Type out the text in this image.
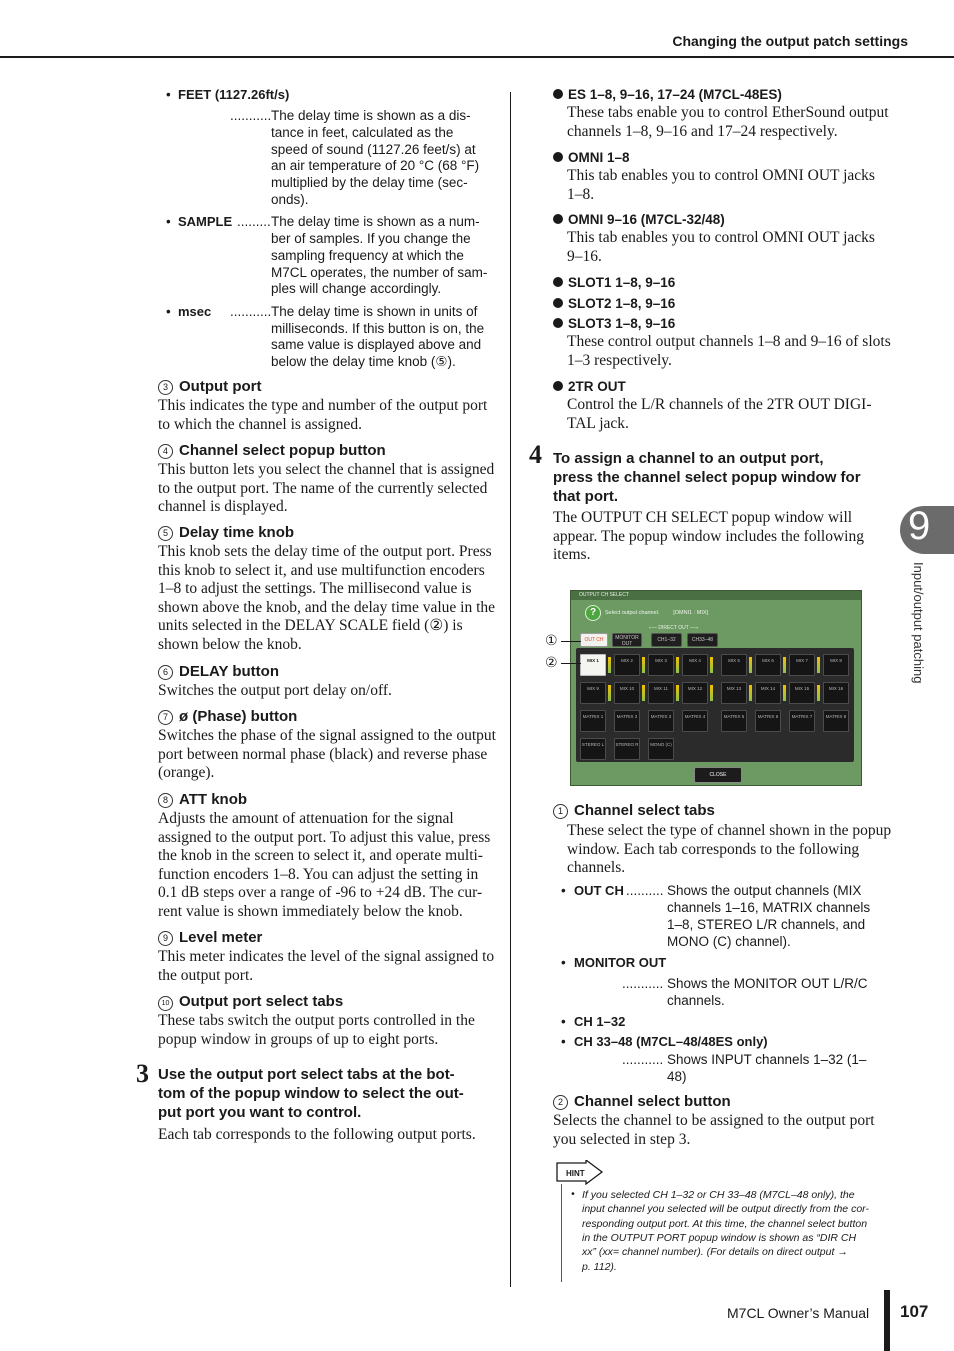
Changing the output patch settings
9
Input/output patching
• FEET (1127.26ft/s)
........... The delay time is shown as a dis-
tance in feet, calculated as the
speed of sound (1127.26 feet/s) at
an air temperature of 20 °C (68 °F)
multiplied by the delay time (sec-
onds).
• SAMPLE ......... The delay time is shown as a num-
ber of samples. If you change the
sampling frequency at which the
M7CL operates, the number of sam-
ples will change accordingly.
• msec ........... The delay time is shown in units of
milliseconds. If this button is on, the
same value is displayed above and
below the delay time knob (⑤).
3 Output port
This indicates the type and number of the output port
to which the channel is assigned.
4 Channel select popup button
This button lets you select the channel that is assigned
to the output port. The name of the currently selected
channel is displayed.
5 Delay time knob
This knob sets the delay time of the output port. Press
this knob to select it, and use multifunction encoders
1–8 to adjust the settings. The millisecond value is
shown above the knob, and the delay time value in the
units selected in the DELAY SCALE field (②) is
shown below the knob.
6 DELAY button
Switches the output port delay on/off.
7 ø (Phase) button
Switches the phase of the signal assigned to the output
port between normal phase (black) and reverse phase
(orange).
8 ATT knob
Adjusts the amount of attenuation for the signal
assigned to the output port. To adjust this value, press
the knob in the screen to select it, and operate multi-
function encoders 1–8. You can adjust the setting in
0.1 dB steps over a range of -96 to +24 dB. The cur-
rent value is shown immediately below the knob.
9 Level meter
This meter indicates the level of the signal assigned to
the output port.
10 Output port select tabs
These tabs switch the output ports controlled in the
popup window in groups of up to eight ports.
3 Use the output port select tabs at the bot-
tom of the popup window to select the out-
put port you want to control.
Each tab corresponds to the following output ports.
ES 1–8, 9–16, 17–24 (M7CL-48ES)
These tabs enable you to control EtherSound output
channels 1–8, 9–16 and 17–24 respectively.
OMNI 1–8
This tab enables you to control OMNI OUT jacks
1–8.
OMNI 9–16 (M7CL-32/48)
This tab enables you to control OMNI OUT jacks
9–16.
SLOT1 1–8, 9–16
SLOT2 1–8, 9–16
SLOT3 1–8, 9–16
These control output channels 1–8 and 9–16 of slots
1–3 respectively.
2TR OUT
Control the L/R channels of the 2TR OUT DIGI-
TAL jack.
4 To assign a channel to an output port,
press the channel select popup window for
that port.
The OUTPUT CH SELECT popup window will
appear. The popup window includes the following
items.
OUTPUT CH SELECT
?	Select output channel.	[OMNI1 : MIX]
⌐— DIRECT OUT —¬
OUT CH	MONITOR OUT
CH1–32	CH33–48
MIX 1	MIX 2	MIX 3	MIX 4	MIX 5	MIX 6	MIX 7	MIX 8
MIX 9	MIX 10	MIX 11	MIX 12	MIX 13	MIX 14	MIX 15	MIX 16
MATRIX 1	MATRIX 2	MATRIX 3	MATRIX 4	MATRIX 5	MATRIX 6	MATRIX 7	MATRIX 8
STEREO L	STEREO R	MONO (C)
CLOSE
①
②
1 Channel select tabs
These select the type of channel shown in the popup
window. Each tab corresponds to the following
channels.
• OUT CH .......... Shows the output channels (MIX
channels 1–16, MATRIX channels
1–8, STEREO L/R channels, and
MONO (C) channel).
• MONITOR OUT
........... Shows the MONITOR OUT L/R/C
channels.
• CH 1–32
• CH 33–48 (M7CL–48/48ES only)
........... Shows INPUT channels 1–32 (1–
48)
2 Channel select button
Selects the channel to be assigned to the output port
you selected in step 3.
HINT
• If you selected CH 1–32 or CH 33–48 (M7CL–48 only), the
input channel you selected will be output directly from the cor-
responding output port. At this time, the channel select button
in the OUTPUT PORT popup window is shown as “DIR CH
xx” (xx= channel number). (For details on direct output →
p. 112).
M7CL Owner’s Manual 107
